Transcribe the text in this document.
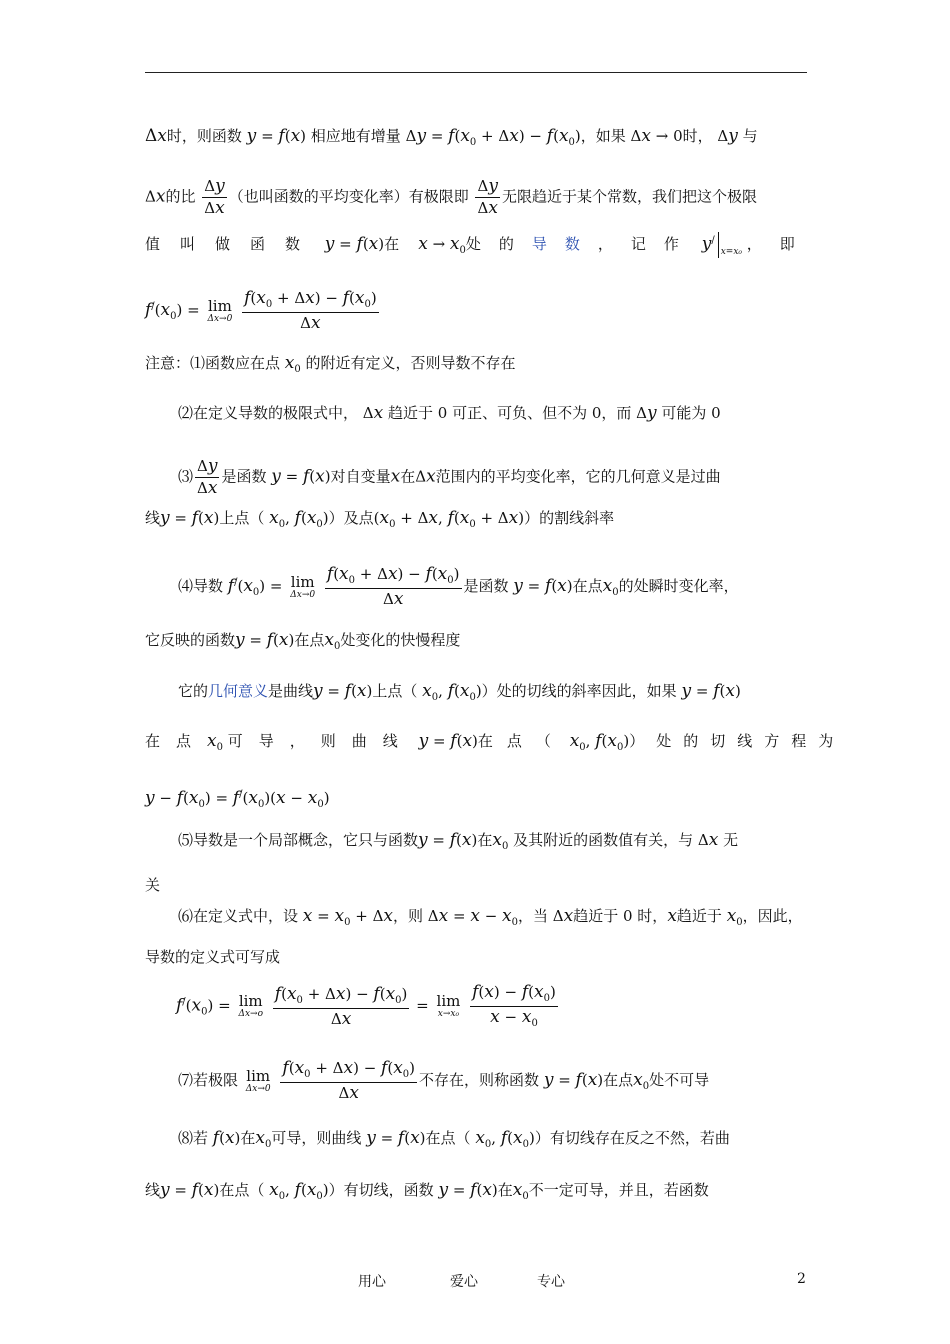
Δx时，则函数 y = f(x) 相应地有增量 $\Delta y = f(x_0 + \Delta x) - f(x_0)$，如果 Δx → 0时， Δy 与
Δx的比 $\frac{\Delta y}{\Delta x}$ （也叫函数的平均变化率）有极限即 $\frac{\Delta y}{\Delta x}$ 无限趋近于某个常数，我们把这个极限
值叫做函数 y = f(x)在 $x \to x_0$处的导数，记作 y/x=x₀ ，即
$f^/(x_0) = \lim$
Δx→0
$\frac{f(x_0 + \Delta x) - f(x_0)}{\Delta x}$
注意：⑴函数应在点 $x_0$ 的附近有定义，否则导数不存在
⑵在定义导数的极限式中， Δx 趋近于 0 可正、可负、但不为 0，而 Δy 可能为 0
⑶ $\frac{\Delta y}{\Delta x}$ 是函数 y = f(x)对自变量x在Δx范围内的平均变化率，它的几何意义是过曲
线y = f(x)上点（ $x_0$, $f(x_0)$）及点($x_0 + \Delta x$, $f(x_0 + \Delta x)$）的割线斜率
⑷导数 $f^/(x_0) = \lim$
Δx→0
$\frac{f(x_0 + \Delta x) - f(x_0)}{\Delta x}$ 是函数 y = f(x)在点$x_0$的处瞬时变化率，
它反映的函数y = f(x)在点$x_0$处变化的快慢程度
它的几何意义是曲线y = f(x)上点（ $x_0$, $f(x_0)$）处的切线的斜率因此，如果 y = f(x)
在点$x_0$ 可导，则曲线 y = f(x)在点（ $x_0$, $f(x_0)$）处的切线方程为
$y - f(x_0) = f^/(x_0)(x - x_0)$
⑸导数是一个局部概念，它只与函数y = f(x)在$x_0$ 及其附近的函数值有关，与 Δx 无
关
⑹在定义式中，设 $x = x_0 + \Delta x$，则 $\Delta x = x - x_0$，当 Δx趋近于 0 时，x趋近于 $x_0$，因此，
导数的定义式可写成
$f^/(x_0) = \lim$
Δx→o
$\frac{f(x_0 + \Delta x) - f(x_0)}{\Delta x} = \lim$
x→x₀
$\frac{f(x) - f(x_0)}{x - x_0}$
⑺若极限 lim
Δx→0
$\frac{f(x_0 + \Delta x) - f(x_0)}{\Delta x}$ 不存在，则称函数 y = f(x)在点$x_0$处不可导
⑻若 f(x)在$x_0$可导，则曲线 y = f(x)在点（ $x_0$, $f(x_0)$）有切线存在反之不然，若曲
线y = f(x)在点（ $x_0$, $f(x_0)$）有切线，函数 y = f(x)在$x_0$不一定可导，并且，若函数
用心	爱心	专心	2
